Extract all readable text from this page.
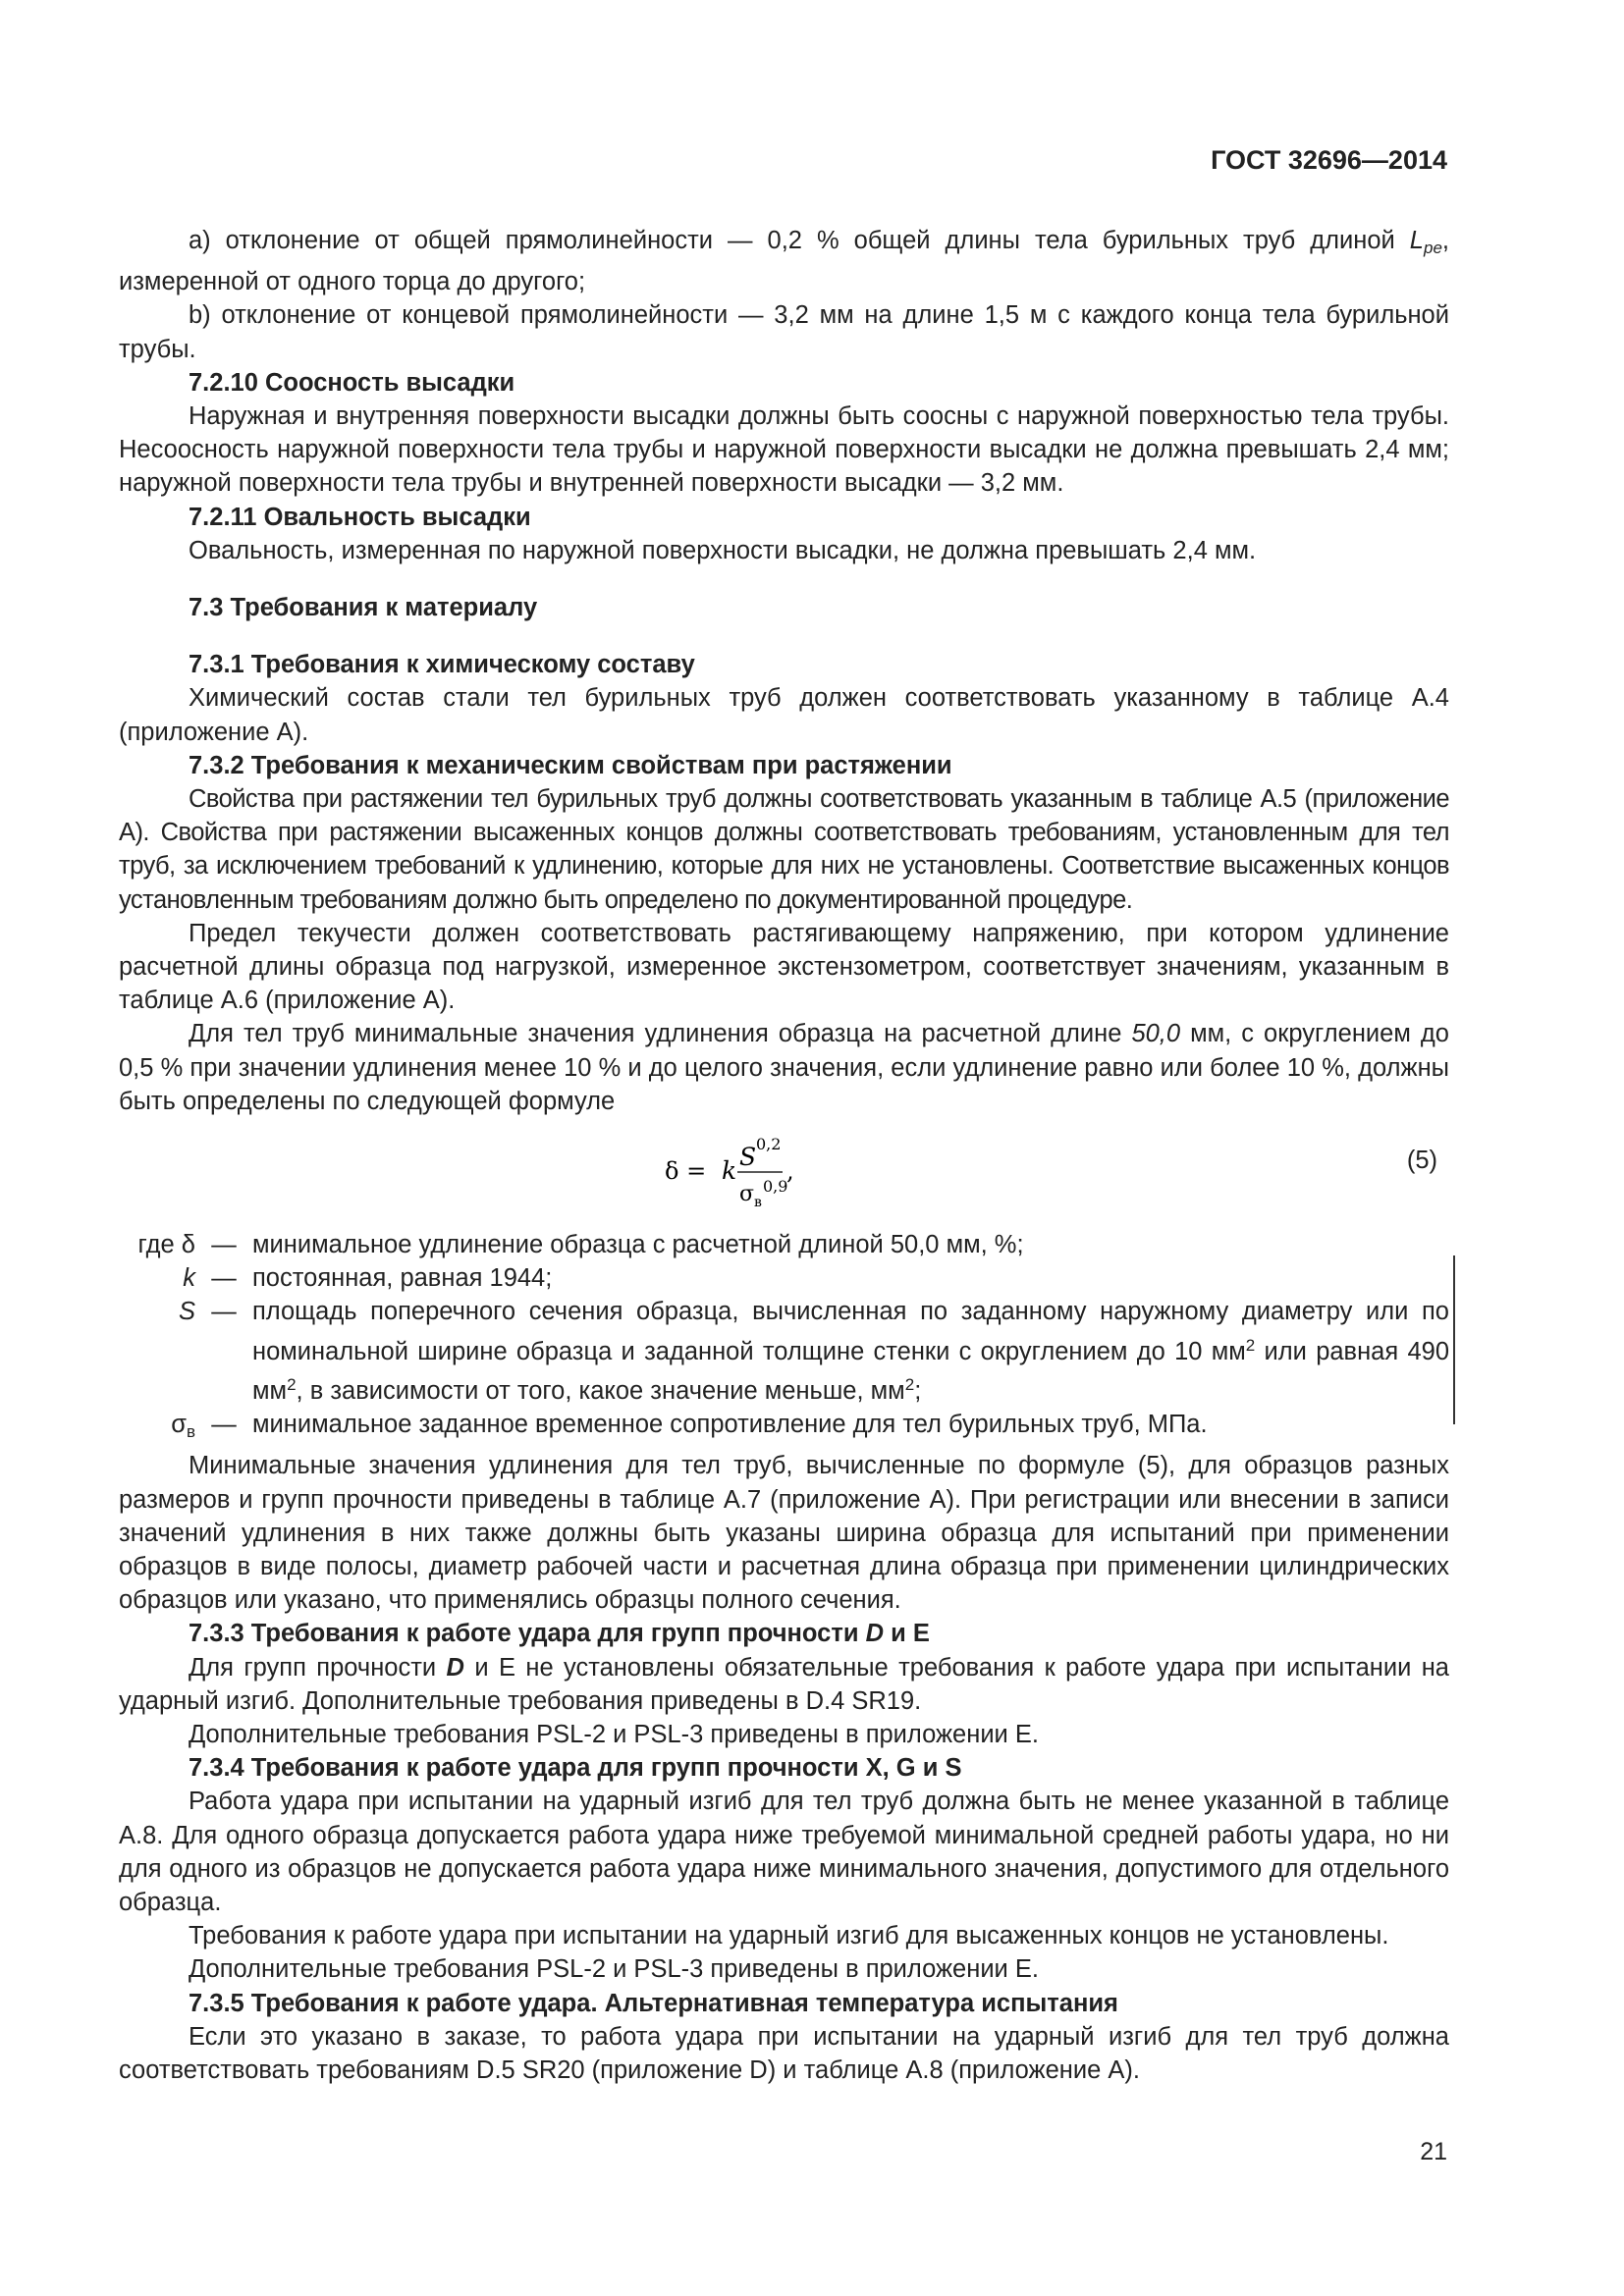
ГОСТ 32696—2014

а) отклонение от общей прямолинейности — 0,2 % общей длины тела бурильных труб длиной $L_{pe}$, измеренной от одного торца до другого;

b) отклонение от концевой прямолинейности — 3,2 мм на длине 1,5 м с каждого конца тела бурильной трубы.

7.2.10 Соосность высадки

Наружная и внутренняя поверхности высадки должны быть соосны с наружной поверхностью тела трубы. Несоосность наружной поверхности тела трубы и наружной поверхности высадки не должна превышать 2,4 мм; наружной поверхности тела трубы и внутренней поверхности высадки — 3,2 мм.

7.2.11 Овальность высадки

Овальность, измеренная по наружной поверхности высадки, не должна превышать 2,4 мм.

7.3 Требования к материалу

7.3.1 Требования к химическому составу

Химический состав стали тел бурильных труб должен соответствовать указанному в таблице А.4 (приложение А).

7.3.2 Требования к механическим свойствам при растяжении

Свойства при растяжении тел бурильных труб должны соответствовать указанным в таблице А.5 (приложение А). Свойства при растяжении высаженных концов должны соответствовать требованиям, установленным для тел труб, за исключением требований к удлинению, которые для них не установлены. Соответствие высаженных концов установленным требованиям должно быть определено по документированной процедуре.

Предел текучести должен соответствовать растягивающему напряжению, при котором удлинение расчетной длины образца под нагрузкой, измеренное экстензометром, соответствует значениям, указанным в таблице А.6 (приложение А).

Для тел труб минимальные значения удлинения образца на расчетной длине 50,0 мм, с округлением до 0,5 % при значении удлинения менее 10 % и до целого значения, если удлинение равно или более 10 %, должны быть определены по следующей формуле

δ = k S 0,2
σ в
0,9
,	(5)
где δ — минимальное удлинение образца с расчетной длиной 50,0 мм, %;
k — постоянная, равная 1944;
S — площадь поперечного сечения образца, вычисленная по заданному наружному диаметру или по номинальной ширине образца и заданной толщине стенки с округлением до 10 $мм^2$ или равная 490 $мм^2$, в зависимости от того, какое значение меньше, $мм^2$;
$\sigma_в$ — минимальное заданное временное сопротивление для тел бурильных труб, МПа.

Минимальные значения удлинения для тел труб, вычисленные по формуле (5), для образцов разных размеров и групп прочности приведены в таблице А.7 (приложение А). При регистрации или внесении в записи значений удлинения в них также должны быть указаны ширина образца для испытаний при применении образцов в виде полосы, диаметр рабочей части и расчетная длина образца при применении цилиндрических образцов или указано, что применялись образцы полного сечения.

7.3.3 Требования к работе удара для групп прочности D и Е

Для групп прочности D и Е не установлены обязательные требования к работе удара при испытании на ударный изгиб. Дополнительные требования приведены в D.4 SR19.

Дополнительные требования PSL-2 и PSL-3 приведены в приложении Е.

7.3.4 Требования к работе удара для групп прочности X, G и S

Работа удара при испытании на ударный изгиб для тел труб должна быть не менее указанной в таблице А.8. Для одного образца допускается работа удара ниже требуемой минимальной средней работы удара, но ни для одного из образцов не допускается работа удара ниже минимального значения, допустимого для отдельного образца.

Требования к работе удара при испытании на ударный изгиб для высаженных концов не установлены.

Дополнительные требования PSL-2 и PSL-3 приведены в приложении Е.

7.3.5 Требования к работе удара. Альтернативная температура испытания

Если это указано в заказе, то работа удара при испытании на ударный изгиб для тел труб должна соответствовать требованиям D.5 SR20 (приложение D) и таблице А.8 (приложение А).

21
